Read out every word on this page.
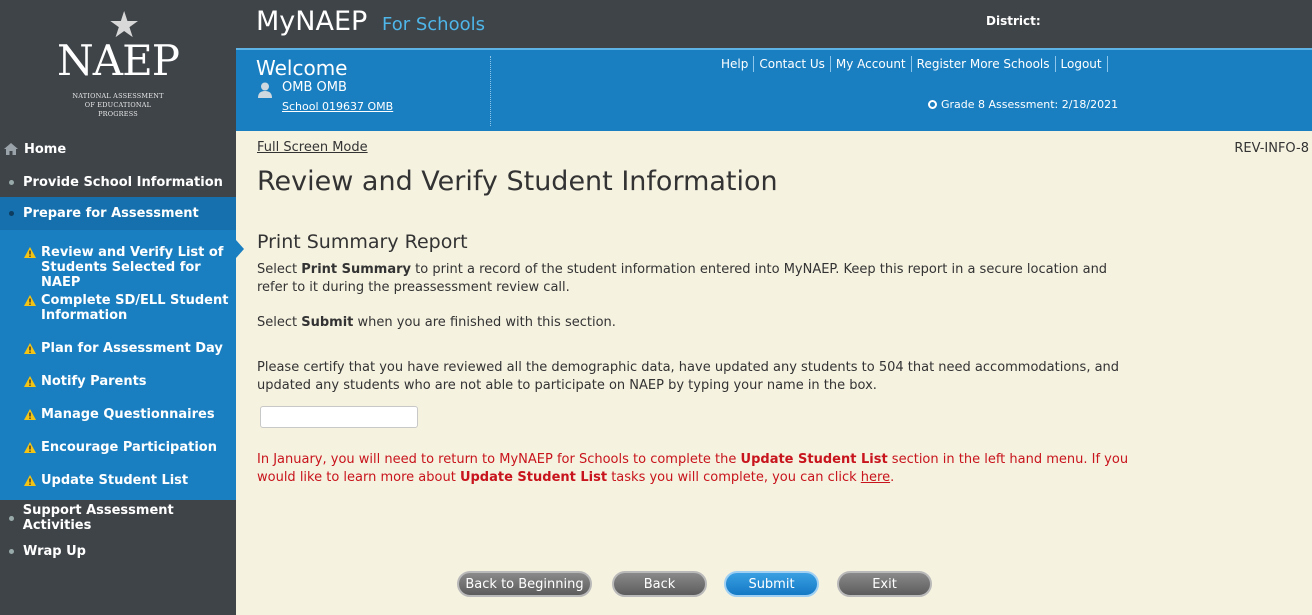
★
NAEP
NATIONAL ASSESSMENT
OF EDUCATIONAL
PROGRESS
MyNAEP For Schools	District:
Welcome
OMB OMB
School 019637 OMB
Help Contact Us My Account Register More Schools Logout
Grade 8 Assessment: 2/18/2021
Home
Provide School Information
Prepare for Assessment
Review and Verify List of Students Selected for NAEP
Complete SD/ELL Student Information
Plan for Assessment Day
Notify Parents
Manage Questionnaires
Encourage Participation
Update Student List
Support Assessment Activities
Wrap Up
Full Screen Mode	REV-INFO-8
Review and Verify Student Information
Print Summary Report
Select Print Summary to print a record of the student information entered into MyNAEP. Keep this report in a secure location and refer to it during the preassessment review call.
Select Submit when you are finished with this section.
Please certify that you have reviewed all the demographic data, have updated any students to 504 that need accommodations, and updated any students who are not able to participate on NAEP by typing your name in the box.
In January, you will need to return to MyNAEP for Schools to complete the Update Student List section in the left hand menu. If you would like to learn more about Update Student List tasks you will complete, you can click here.
Back to Beginning	Back	Submit	Exit
